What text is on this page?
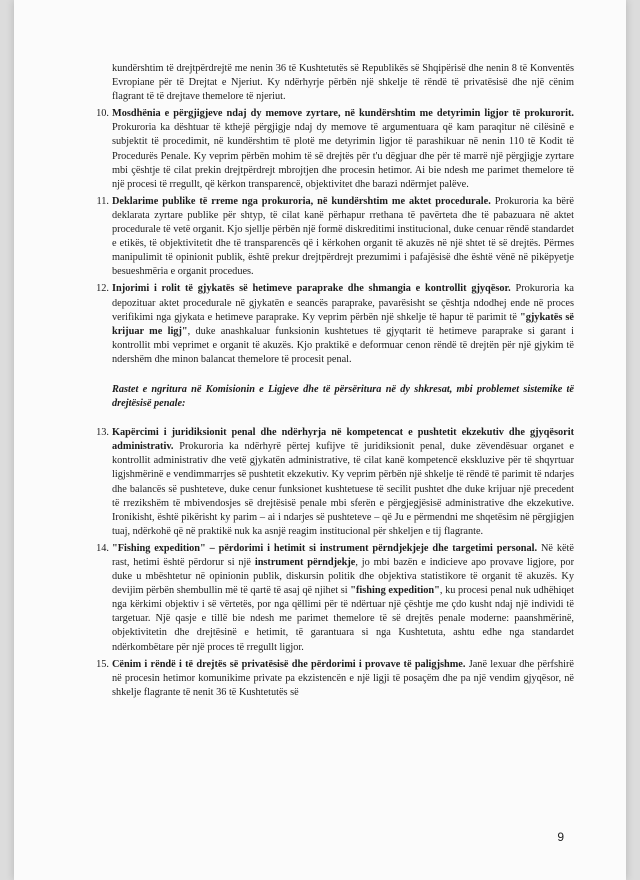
kundërshtim të drejtpërdrejtë me nenin 36 të Kushtetutës së Republikës së Shqipërisë dhe nenin 8 të Konventës Evropiane për të Drejtat e Njeriut. Ky ndërhyrje përbën një shkelje të rëndë të privatësisë dhe një cënim flagrant të të drejtave themelore të njeriut.

10. Mosdhënia e përgjigjeve ndaj dy memove zyrtare, në kundërshtim me detyrimin ligjor të prokurorit. Prokuroria ka dështuar të kthejë përgjigje ndaj dy memove të argumentuara që kam paraqitur në cilësinë e subjektit të procedimit, në kundërshtim të plotë me detyrimin ligjor të parashikuar në nenin 110 të Kodit të Procedurës Penale. Ky veprim përbën mohim të së drejtës për t'u dëgjuar dhe për të marrë një përgjigje zyrtare mbi çështje të cilat prekin drejtpërdrejt mbrojtjen dhe procesin hetimor. Ai bie ndesh me parimet themelore të një procesi të rregullt, që kërkon transparencë, objektivitet dhe barazi ndërmjet palëve.
11. Deklarime publike të rreme nga prokuroria, në kundërshtim me aktet procedurale. Prokuroria ka bërë deklarata zyrtare publike për shtyp, të cilat kanë përhapur rrethana të pavërteta dhe të pabazuara në aktet procedurale të vetë organit. Kjo sjellje përbën një formë diskreditimi institucional, duke cenuar rëndë standardet e etikës, të objektivitetit dhe të transparencës që i kërkohen organit të akuzës në një shtet të së drejtës. Përmes manipulimit të opinionit publik, është prekur drejtpërdrejt prezumimi i pafajësisë dhe është vënë në pikëpyetje besueshmëria e organit procedues.
12. Injorimi i rolit të gjykatës së hetimeve paraprake dhe shmangia e kontrollit gjyqësor. Prokuroria ka depozituar aktet procedurale në gjykatën e seancës paraprake, pavarësisht se çështja ndodhej ende në proces verifikimi nga gjykata e hetimeve paraprake. Ky veprim përbën një shkelje të hapur të parimit të "gjykatës së krijuar me ligj", duke anashkaluar funksionin kushtetues të gjyqtarit të hetimeve paraprake si garant i kontrollit mbi veprimet e organit të akuzës. Kjo praktikë e deformuar cenon rëndë të drejtën për një gjykim të ndershëm dhe minon balancat themelore të procesit penal.

Rastet e ngritura në Komisionin e Ligjeve dhe të përsëritura në dy shkresat, mbi problemet sistemike të drejtësisë penale:

13. Kapërcimi i juridiksionit penal dhe ndërhyrja në kompetencat e pushtetit ekzekutiv dhe gjyqësorit administrativ. Prokuroria ka ndërhyrë përtej kufijve të juridiksionit penal, duke zëvendësuar organet e kontrollit administrativ dhe vetë gjykatën administrative, të cilat kanë kompetencë ekskluzive për të shqyrtuar ligjshmërinë e vendimmarrjes së pushtetit ekzekutiv. Ky veprim përbën një shkelje të rëndë të parimit të ndarjes dhe balancës së pushteteve, duke cenur funksionet kushtetuese të secilit pushtet dhe duke krijuar një precedent të rrezikshëm të mbivendosjes së drejtësisë penale mbi sferën e përgjegjësisë administrative dhe ekzekutive. Ironikisht, është pikërisht ky parim – ai i ndarjes së pushteteve – që Ju e përmendni me shqetësim në përgjigjen tuaj, ndërkohë që në praktikë nuk ka asnjë reagim institucional për shkeljen e tij flagrante.
14. "Fishing expedition" – përdorimi i hetimit si instrument përndjekjeje dhe targetimi personal. Në këtë rast, hetimi është përdorur si një instrument përndjekje, jo mbi bazën e indicieve apo provave ligjore, por duke u mbështetur në opinionin publik, diskursin politik dhe objektiva statistikore të organit të akuzës. Ky devijim përbën shembullin më të qartë të asaj që njihet si "fishing expedition", ku procesi penal nuk udhëhiqet nga kërkimi objektiv i së vërtetës, por nga qëllimi për të ndërtuar një çështje me çdo kusht ndaj një individi të targetuar. Një qasje e tillë bie ndesh me parimet themelore të së drejtës penale moderne: paanshmërinë, objektivitetin dhe drejtësinë e hetimit, të garantuara si nga Kushtetuta, ashtu edhe nga standardet ndërkombëtare për një proces të rregullt ligjor.
15. Cënim i rëndë i të drejtës së privatësisë dhe përdorimi i provave të paligjshme. Janë lexuar dhe përfshirë në procesin hetimor komunikime private pa ekzistencën e një ligji të posaçëm dhe pa një vendim gjyqësor, në shkelje flagrante të nenit 36 të Kushtetutës së
9
